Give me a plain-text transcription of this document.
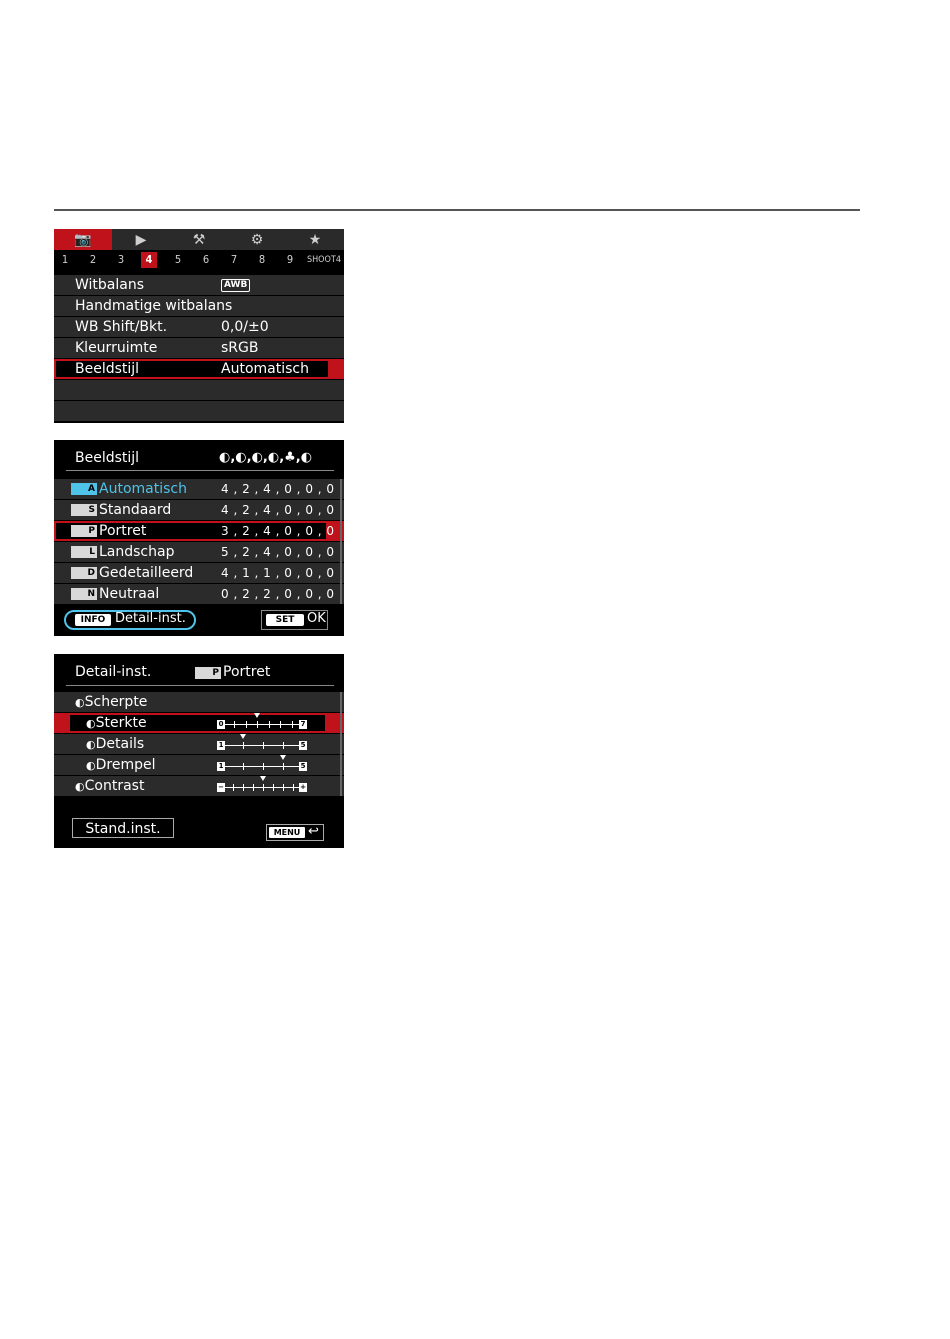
📷	▶	⚒	⚙	★
1	2	3	4	5	6	7	8	9	SHOOT4
Witbalans	AWB
Handmatige witbalans
WB Shift/Bkt.	0,0/±0
Kleurruimte	sRGB
Beeldstijl	Automatisch
Beeldstijl	◐,◐,◐,◐,♣,◐
A Automatisch	4 , 2 , 4 , 0 , 0 , 0
S Standaard	4 , 2 , 4 , 0 , 0 , 0
P Portret	3 , 2 , 4 , 0 , 0 , 0
L Landschap	5 , 2 , 4 , 0 , 0 , 0
D Gedetailleerd 4 , 1 , 1 , 0 , 0 , 0
N Neutraal	0 , 2 , 2 , 0 , 0 , 0
INFO Detail-inst.	SET OK
Detail-inst.	P Portret
◐Scherpte
◐Sterkte	0	7
◐Details	1	5
◐Drempel	1	5
◐Contrast	−	+
Stand.inst.	MENU ↩
